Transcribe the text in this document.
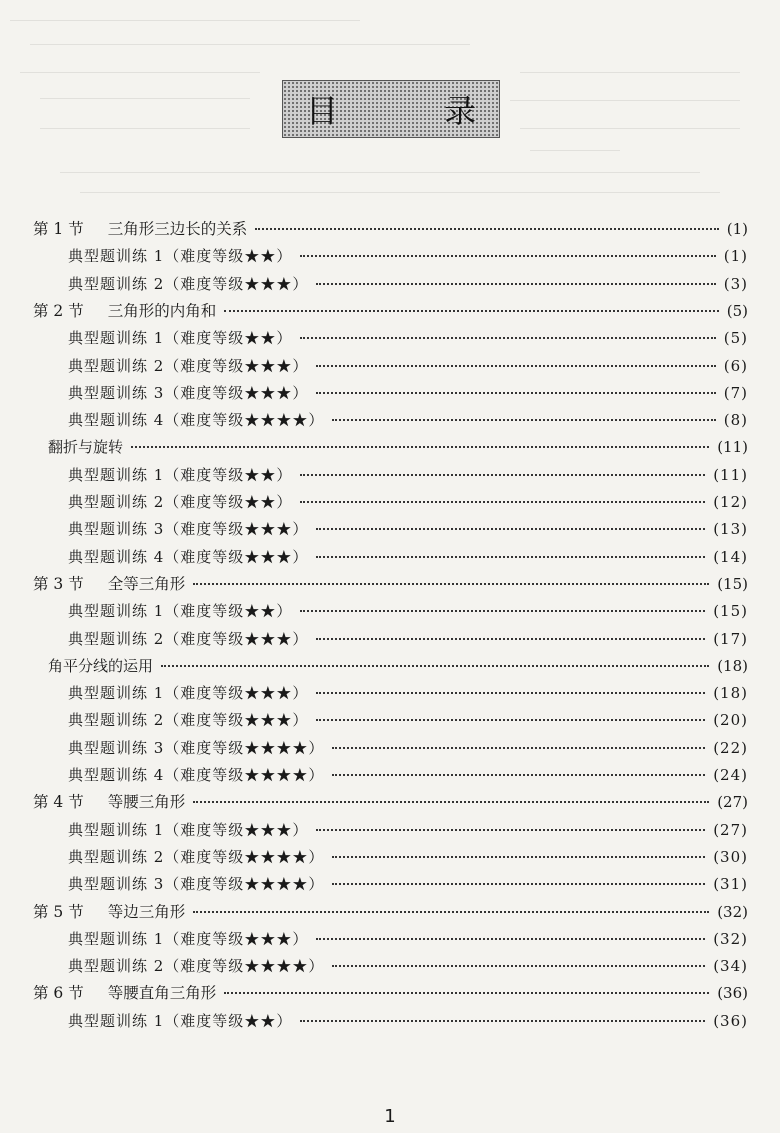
目 录
第 1 节	三角形三边长的关系	(1)
典型题训练 1（难度等级★★）	(1)
典型题训练 2（难度等级★★★）	(3)
第 2 节	三角形的内角和	(5)
典型题训练 1（难度等级★★）	(5)
典型题训练 2（难度等级★★★）	(6)
典型题训练 3（难度等级★★★）	(7)
典型题训练 4（难度等级★★★★）	(8)
翻折与旋转	(11)
典型题训练 1（难度等级★★）	(11)
典型题训练 2（难度等级★★）	(12)
典型题训练 3（难度等级★★★）	(13)
典型题训练 4（难度等级★★★）	(14)
第 3 节	全等三角形	(15)
典型题训练 1（难度等级★★）	(15)
典型题训练 2（难度等级★★★）	(17)
角平分线的运用	(18)
典型题训练 1（难度等级★★★）	(18)
典型题训练 2（难度等级★★★）	(20)
典型题训练 3（难度等级★★★★）	(22)
典型题训练 4（难度等级★★★★）	(24)
第 4 节	等腰三角形	(27)
典型题训练 1（难度等级★★★）	(27)
典型题训练 2（难度等级★★★★）	(30)
典型题训练 3（难度等级★★★★）	(31)
第 5 节	等边三角形	(32)
典型题训练 1（难度等级★★★）	(32)
典型题训练 2（难度等级★★★★）	(34)
第 6 节	等腰直角三角形	(36)
典型题训练 1（难度等级★★）	(36)
1
